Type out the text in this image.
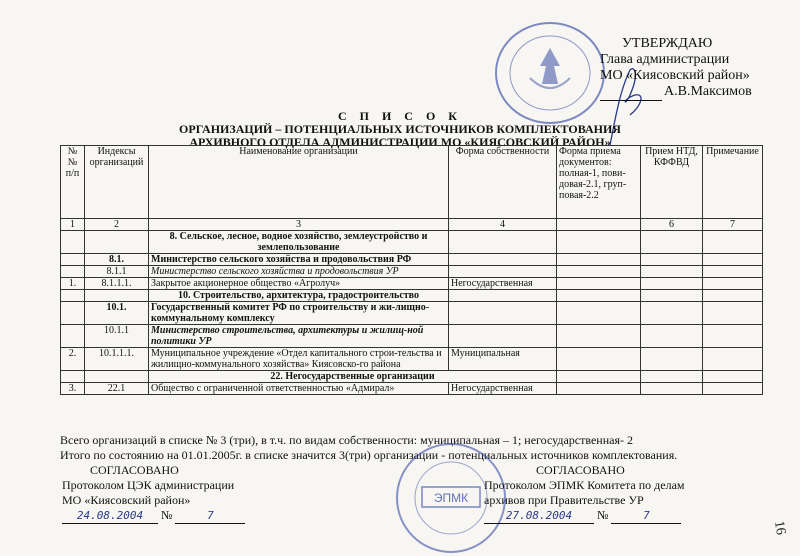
УТВЕРЖДАЮ
Глава администрации
МО «Киясовский район»
А.В.Максимов
С П И С О К
ОРГАНИЗАЦИЙ – ПОТЕНЦИАЛЬНЫХ ИСТОЧНИКОВ КОМПЛЕКТОВАНИЯ
АРХИВНОГО ОТДЕЛА АДМИНИСТРАЦИИ МО «КИЯСОВСКИЙ РАЙОН»
№№ п/п	Индексы организаций	Наименование организации	Форма собственности	Форма приема документов: полная-1, пови-довая-2.1, груп-повая-2.2	Прием НТД, КФФВД	Примечание
1	2	3	4		6	7
		8. Сельское, лесное, водное хозяйство, землеустройство и землепользование				
	8.1.	Министерство сельского хозяйства и продовольствия РФ				
	8.1.1	Министерство сельского хозяйства и продовольствия УР				
1.	8.1.1.1.	Закрытое акционерное общество «Агролуч»	Негосударственная			
		10. Строительство, архитектура, градостроительство				
	10.1.	Государственный комитет РФ по строительству и жи-лищно-коммунальному комплексу				
	10.1.1	Министерство строительства, архитектуры и жилищ-ной политики УР				
2.	10.1.1.1.	Муниципальное учреждение «Отдел капитального строи-тельства и жилищно-коммунального хозяйства» Киясовско-го района	Муниципальная			
		22. Негосударственные организации				
3.	22.1	Общество с ограниченной ответственностью «Адмирал»	Негосударственная			
Всего организаций в списке № 3 (три), в т.ч. по видам собственности: муниципальная – 1; негосударственная- 2
Итого по состоянию на 01.01.2005г. в списке значится 3(три) организации - потенциальных источников комплектования.
СОГЛАСОВАНО
Протоколом ЦЭК администрации
МО «Киясовский район»
24.08.2004 №	7
ЭПМК
СОГЛАСОВАНО
Протоколом ЭПМК Комитета по делам
архивов при Правительстве УР
27.08.2004 №	7
16
